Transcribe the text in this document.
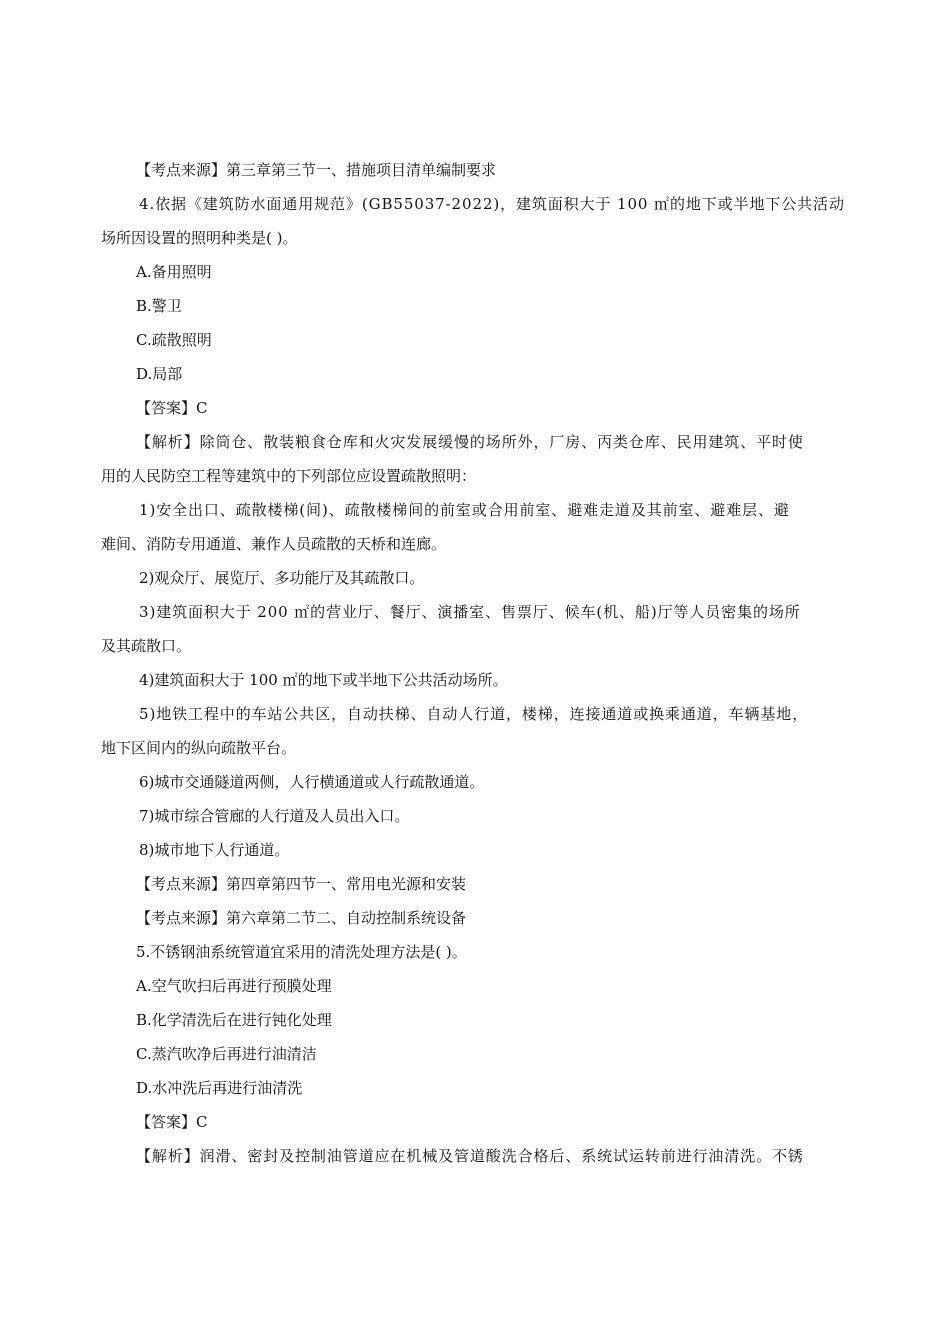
【考点来源】第三章第三节一、措施项目清单编制要求
4.依据《建筑防水面通用规范》(GB55037-2022)，建筑面积大于 100 ㎡的地下或半地下公共活动
场所因设置的照明种类是( )。
A.备用照明
B.警卫
C.疏散照明
D.局部
【答案】C
【解析】除筒仓、散装粮食仓库和火灾发展缓慢的场所外，厂房、丙类仓库、民用建筑、平时使
用的人民防空工程等建筑中的下列部位应设置疏散照明：
1)安全出口、疏散楼梯(间)、疏散楼梯间的前室或合用前室、避难走道及其前室、避难层、避
难间、消防专用通道、兼作人员疏散的天桥和连廊。
2)观众厅、展览厅、多功能厅及其疏散口。
3)建筑面积大于 200 ㎡的营业厅、餐厅、演播室、售票厅、候车(机、船)厅等人员密集的场所
及其疏散口。
4)建筑面积大于 100 ㎡的地下或半地下公共活动场所。
5)地铁工程中的车站公共区，自动扶梯、自动人行道，楼梯，连接通道或换乘通道，车辆基地，
地下区间内的纵向疏散平台。
6)城市交通隧道两侧，人行横通道或人行疏散通道。
7)城市综合管廊的人行道及人员出入口。
8)城市地下人行通道。
【考点来源】第四章第四节一、常用电光源和安装
【考点来源】第六章第二节二、自动控制系统设备
5.不锈钢油系统管道宜采用的清洗处理方法是( )。
A.空气吹扫后再进行预膜处理
B.化学清洗后在进行钝化处理
C.蒸汽吹净后再进行油清洁
D.水冲洗后再进行油清洗
【答案】C
【解析】润滑、密封及控制油管道应在机械及管道酸洗合格后、系统试运转前进行油清洗。不锈
